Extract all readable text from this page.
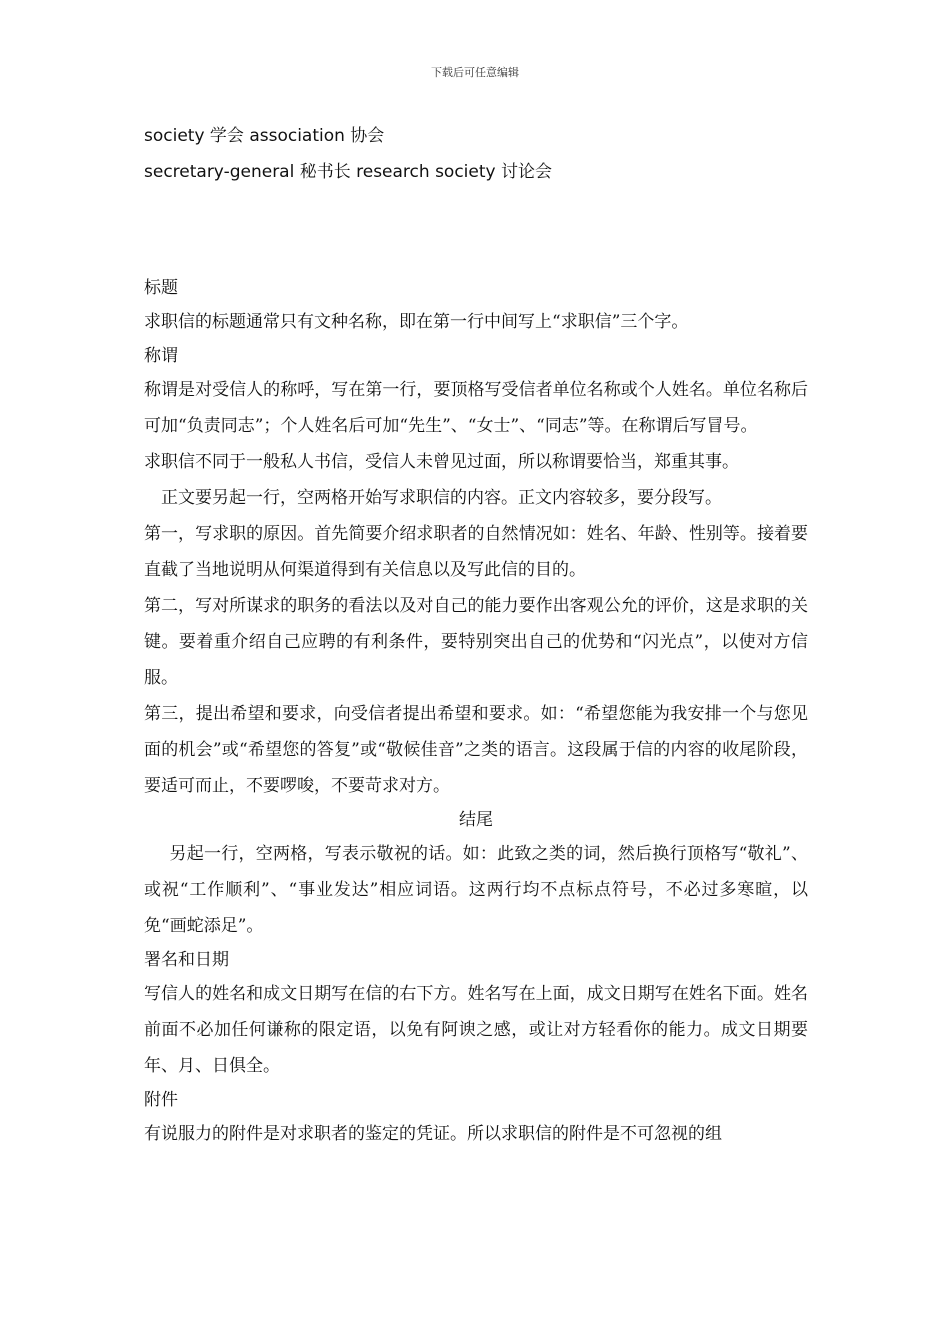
下载后可任意编辑

society 学会 association 协会

secretary-general 秘书长 research society 讨论会

标题

求职信的标题通常只有文种名称，即在第一行中间写上“求职信”三个字。

称谓

称谓是对受信人的称呼，写在第一行，要顶格写受信者单位名称或个人姓名。单位名称后可加“负责同志”；个人姓名后可加“先生”、“女士”、“同志”等。在称谓后写冒号。

求职信不同于一般私人书信，受信人未曾见过面，所以称谓要恰当，郑重其事。

正文要另起一行，空两格开始写求职信的内容。正文内容较多，要分段写。

第一，写求职的原因。首先简要介绍求职者的自然情况如：姓名、年龄、性别等。接着要直截了当地说明从何渠道得到有关信息以及写此信的目的。

第二，写对所谋求的职务的看法以及对自己的能力要作出客观公允的评价，这是求职的关键。要着重介绍自己应聘的有利条件，要特别突出自己的优势和“闪光点”，以使对方信服。

第三，提出希望和要求，向受信者提出希望和要求。如：“希望您能为我安排一个与您见面的机会”或“希望您的答复”或“敬候佳音”之类的语言。这段属于信的内容的收尾阶段，要适可而止，不要啰唆，不要苛求对方。

结尾

另起一行，空两格，写表示敬祝的话。如：此致之类的词，然后换行顶格写“敬礼”、或祝“工作顺利”、“事业发达”相应词语。这两行均不点标点符号，不必过多寒暄，以免“画蛇添足”。

署名和日期

写信人的姓名和成文日期写在信的右下方。姓名写在上面，成文日期写在姓名下面。姓名前面不必加任何谦称的限定语，以免有阿谀之感，或让对方轻看你的能力。成文日期要年、月、日俱全。

附件

有说服力的附件是对求职者的鉴定的凭证。所以求职信的附件是不可忽视的组
